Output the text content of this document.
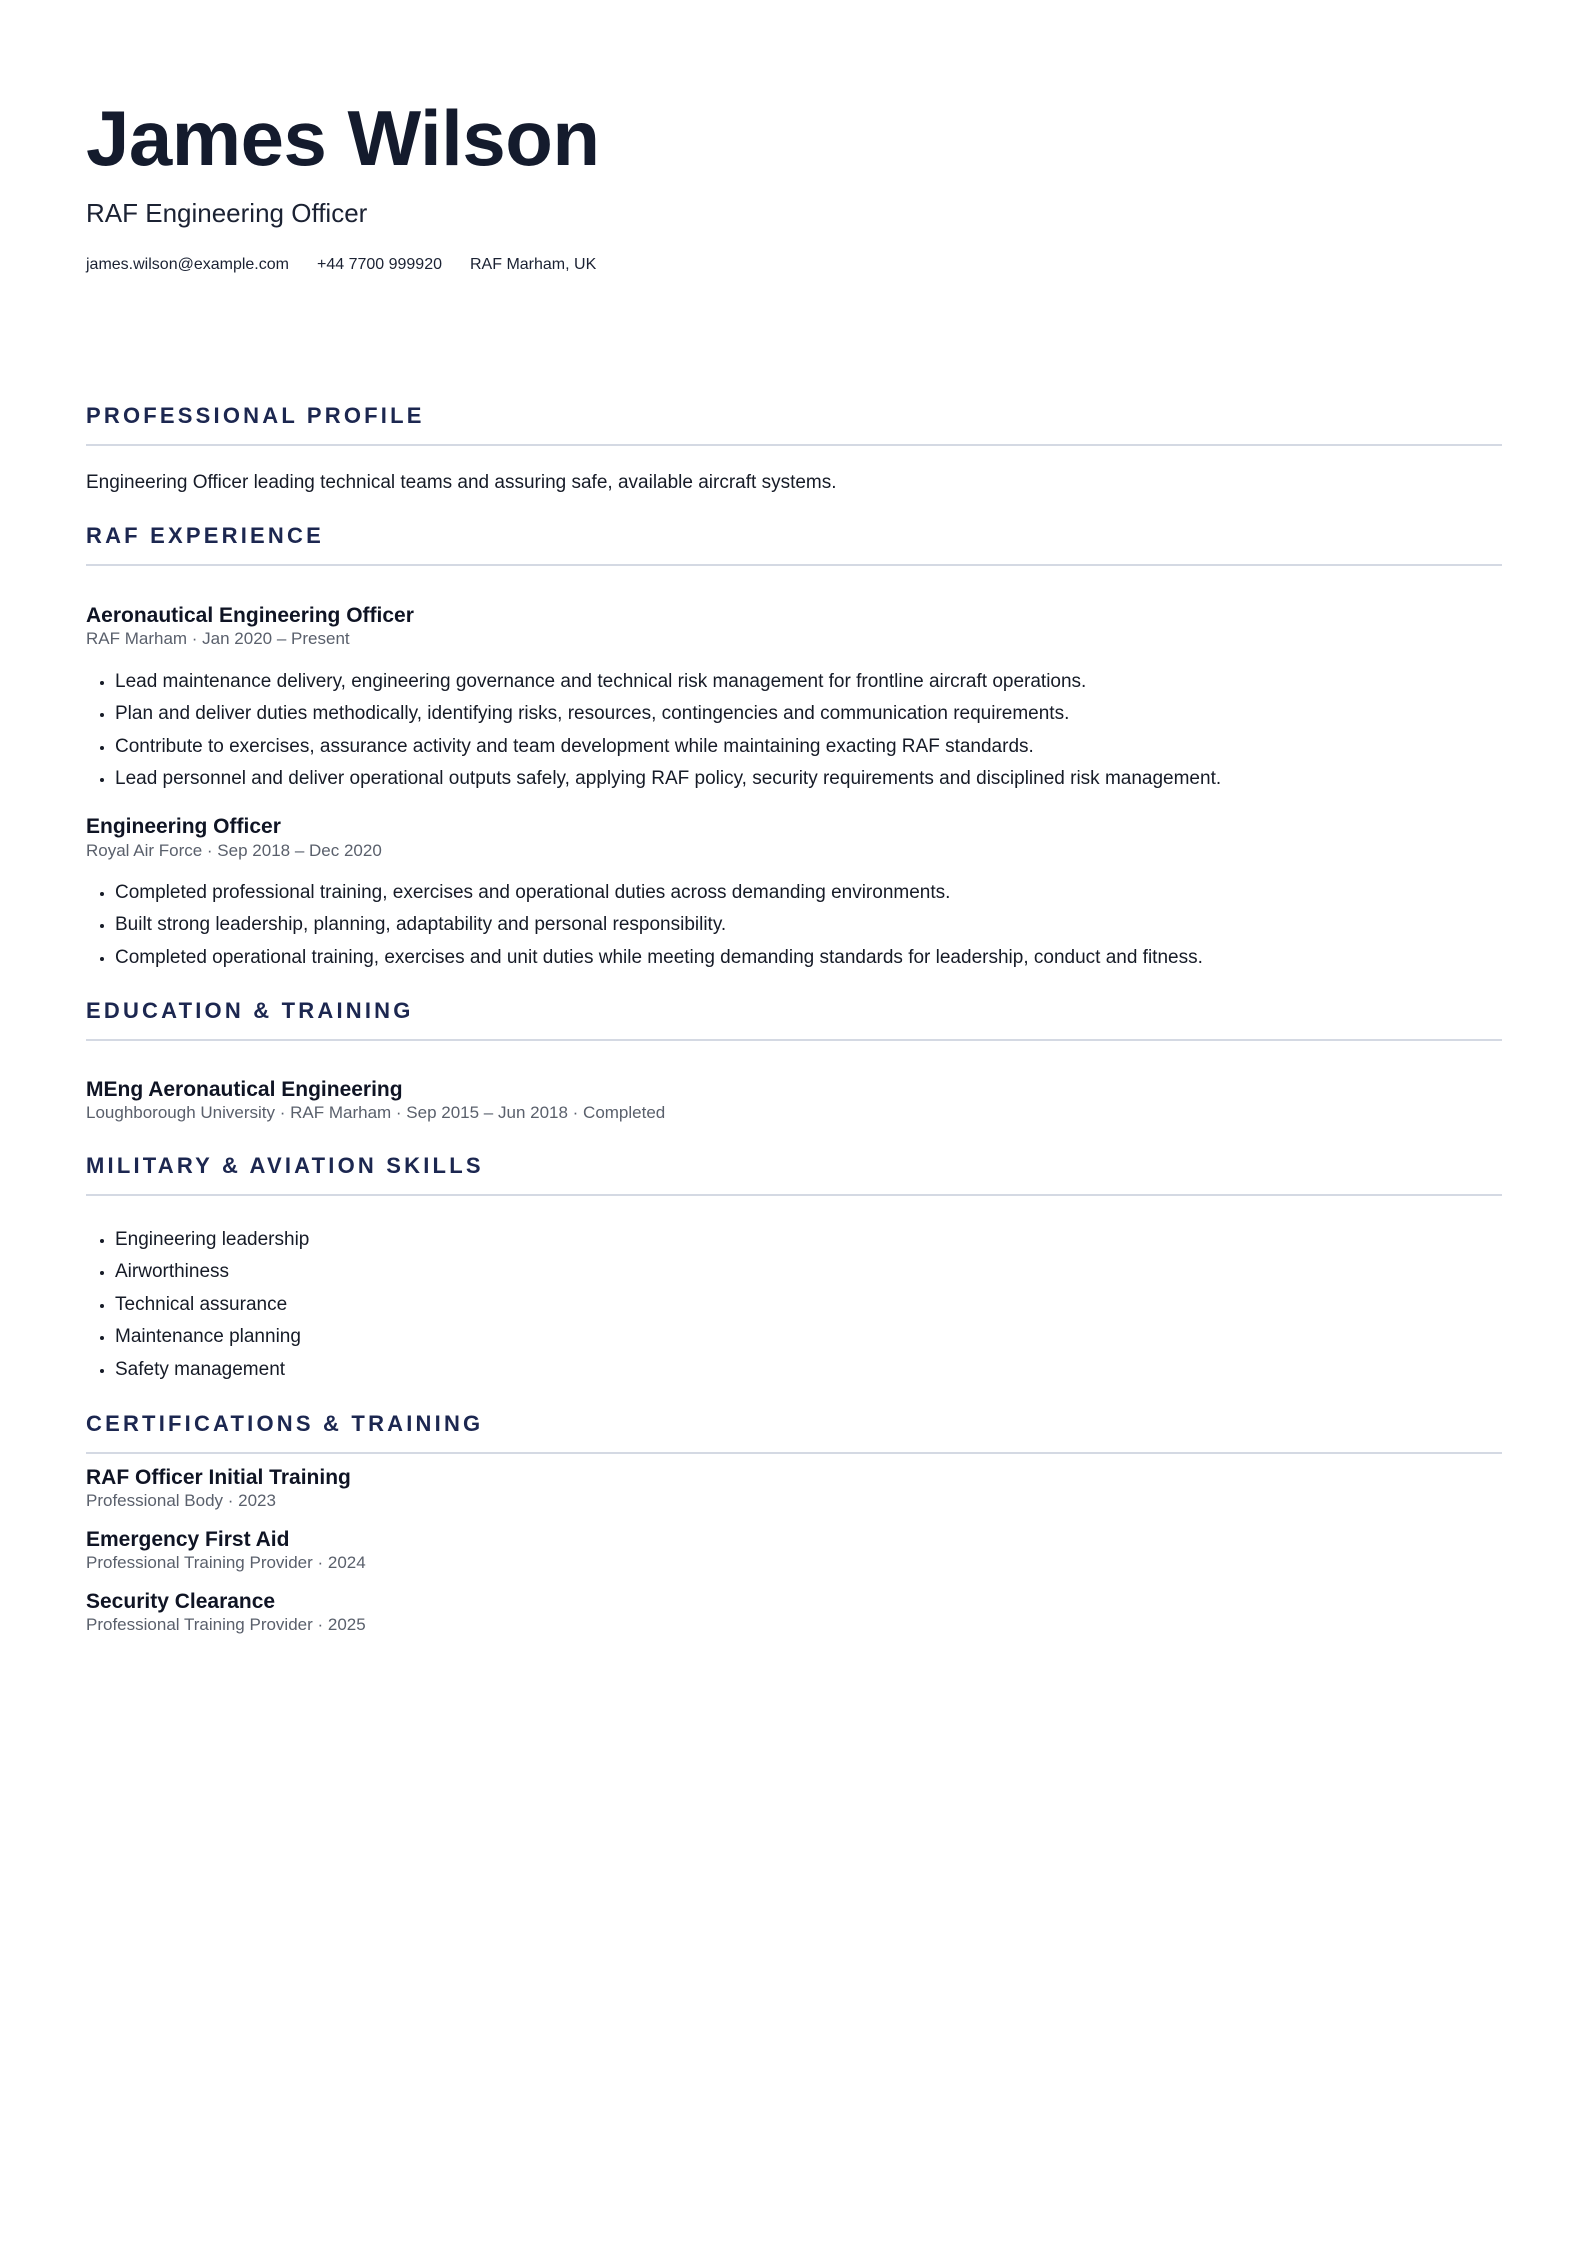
James Wilson
RAF Engineering Officer
james.wilson@example.com +44 7700 999920 RAF Marham, UK
PROFESSIONAL PROFILE
Engineering Officer leading technical teams and assuring safe, available aircraft systems.
RAF EXPERIENCE
Aeronautical Engineering Officer
RAF Marham · Jan 2020 – Present
• Lead maintenance delivery, engineering governance and technical risk management for frontline aircraft operations.
• Plan and deliver duties methodically, identifying risks, resources, contingencies and communication requirements.
• Contribute to exercises, assurance activity and team development while maintaining exacting RAF standards.
• Lead personnel and deliver operational outputs safely, applying RAF policy, security requirements and disciplined risk management.
Engineering Officer
Royal Air Force · Sep 2018 – Dec 2020
• Completed professional training, exercises and operational duties across demanding environments.
• Built strong leadership, planning, adaptability and personal responsibility.
• Completed operational training, exercises and unit duties while meeting demanding standards for leadership, conduct and fitness.
EDUCATION & TRAINING
MEng Aeronautical Engineering
Loughborough University · RAF Marham · Sep 2015 – Jun 2018 · Completed
MILITARY & AVIATION SKILLS
• Engineering leadership
• Airworthiness
• Technical assurance
• Maintenance planning
• Safety management
CERTIFICATIONS & TRAINING
RAF Officer Initial Training
Professional Body · 2023
Emergency First Aid
Professional Training Provider · 2024
Security Clearance
Professional Training Provider · 2025
